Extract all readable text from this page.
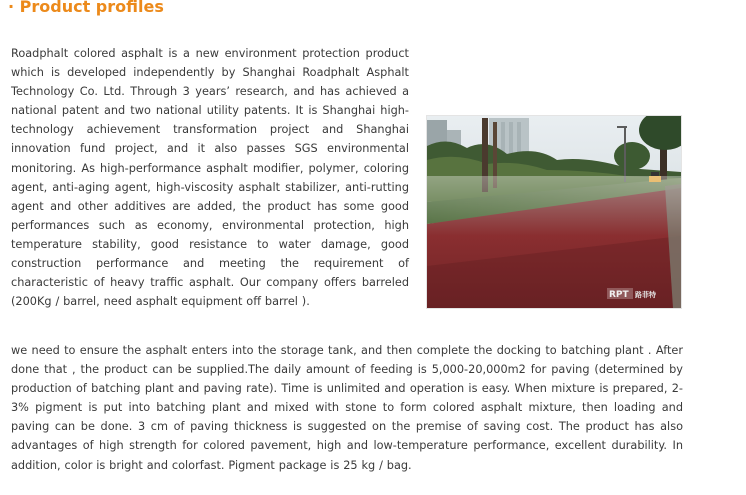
· Product profiles

Roadphalt colored asphalt is a new environment protection product which is developed independently by Shanghai Roadphalt Asphalt Technology Co. Ltd. Through 3 years’ research, and has achieved a national patent and two national utility patents. It is Shanghai high-technology achievement transformation project and Shanghai innovation fund project, and it also passes SGS environmental monitoring. As high-performance asphalt modifier, polymer, coloring agent, anti-aging agent, high-viscosity asphalt stabilizer, anti-rutting agent and other additives are added, the product has some good performances such as economy, environmental protection, high temperature stability, good resistance to water damage, good construction performance and meeting the requirement of characteristic of heavy traffic asphalt. Our company offers barreled (200Kg / barrel, need asphalt equipment off barrel ).

RPT 路菲特

we need to ensure the asphalt enters into the storage tank, and then complete the docking to batching plant . After done that , the product can be supplied.The daily amount of feeding is 5,000-20,000m2 for paving (determined by production of batching plant and paving rate). Time is unlimited and operation is easy. When mixture is prepared, 2-3% pigment is put into batching plant and mixed with stone to form colored asphalt mixture, then loading and paving can be done. 3 cm of paving thickness is suggested on the premise of saving cost. The product has also advantages of high strength for colored pavement, high and low-temperature performance, excellent durability. In addition, color is bright and colorfast. Pigment package is 25 kg / bag.
